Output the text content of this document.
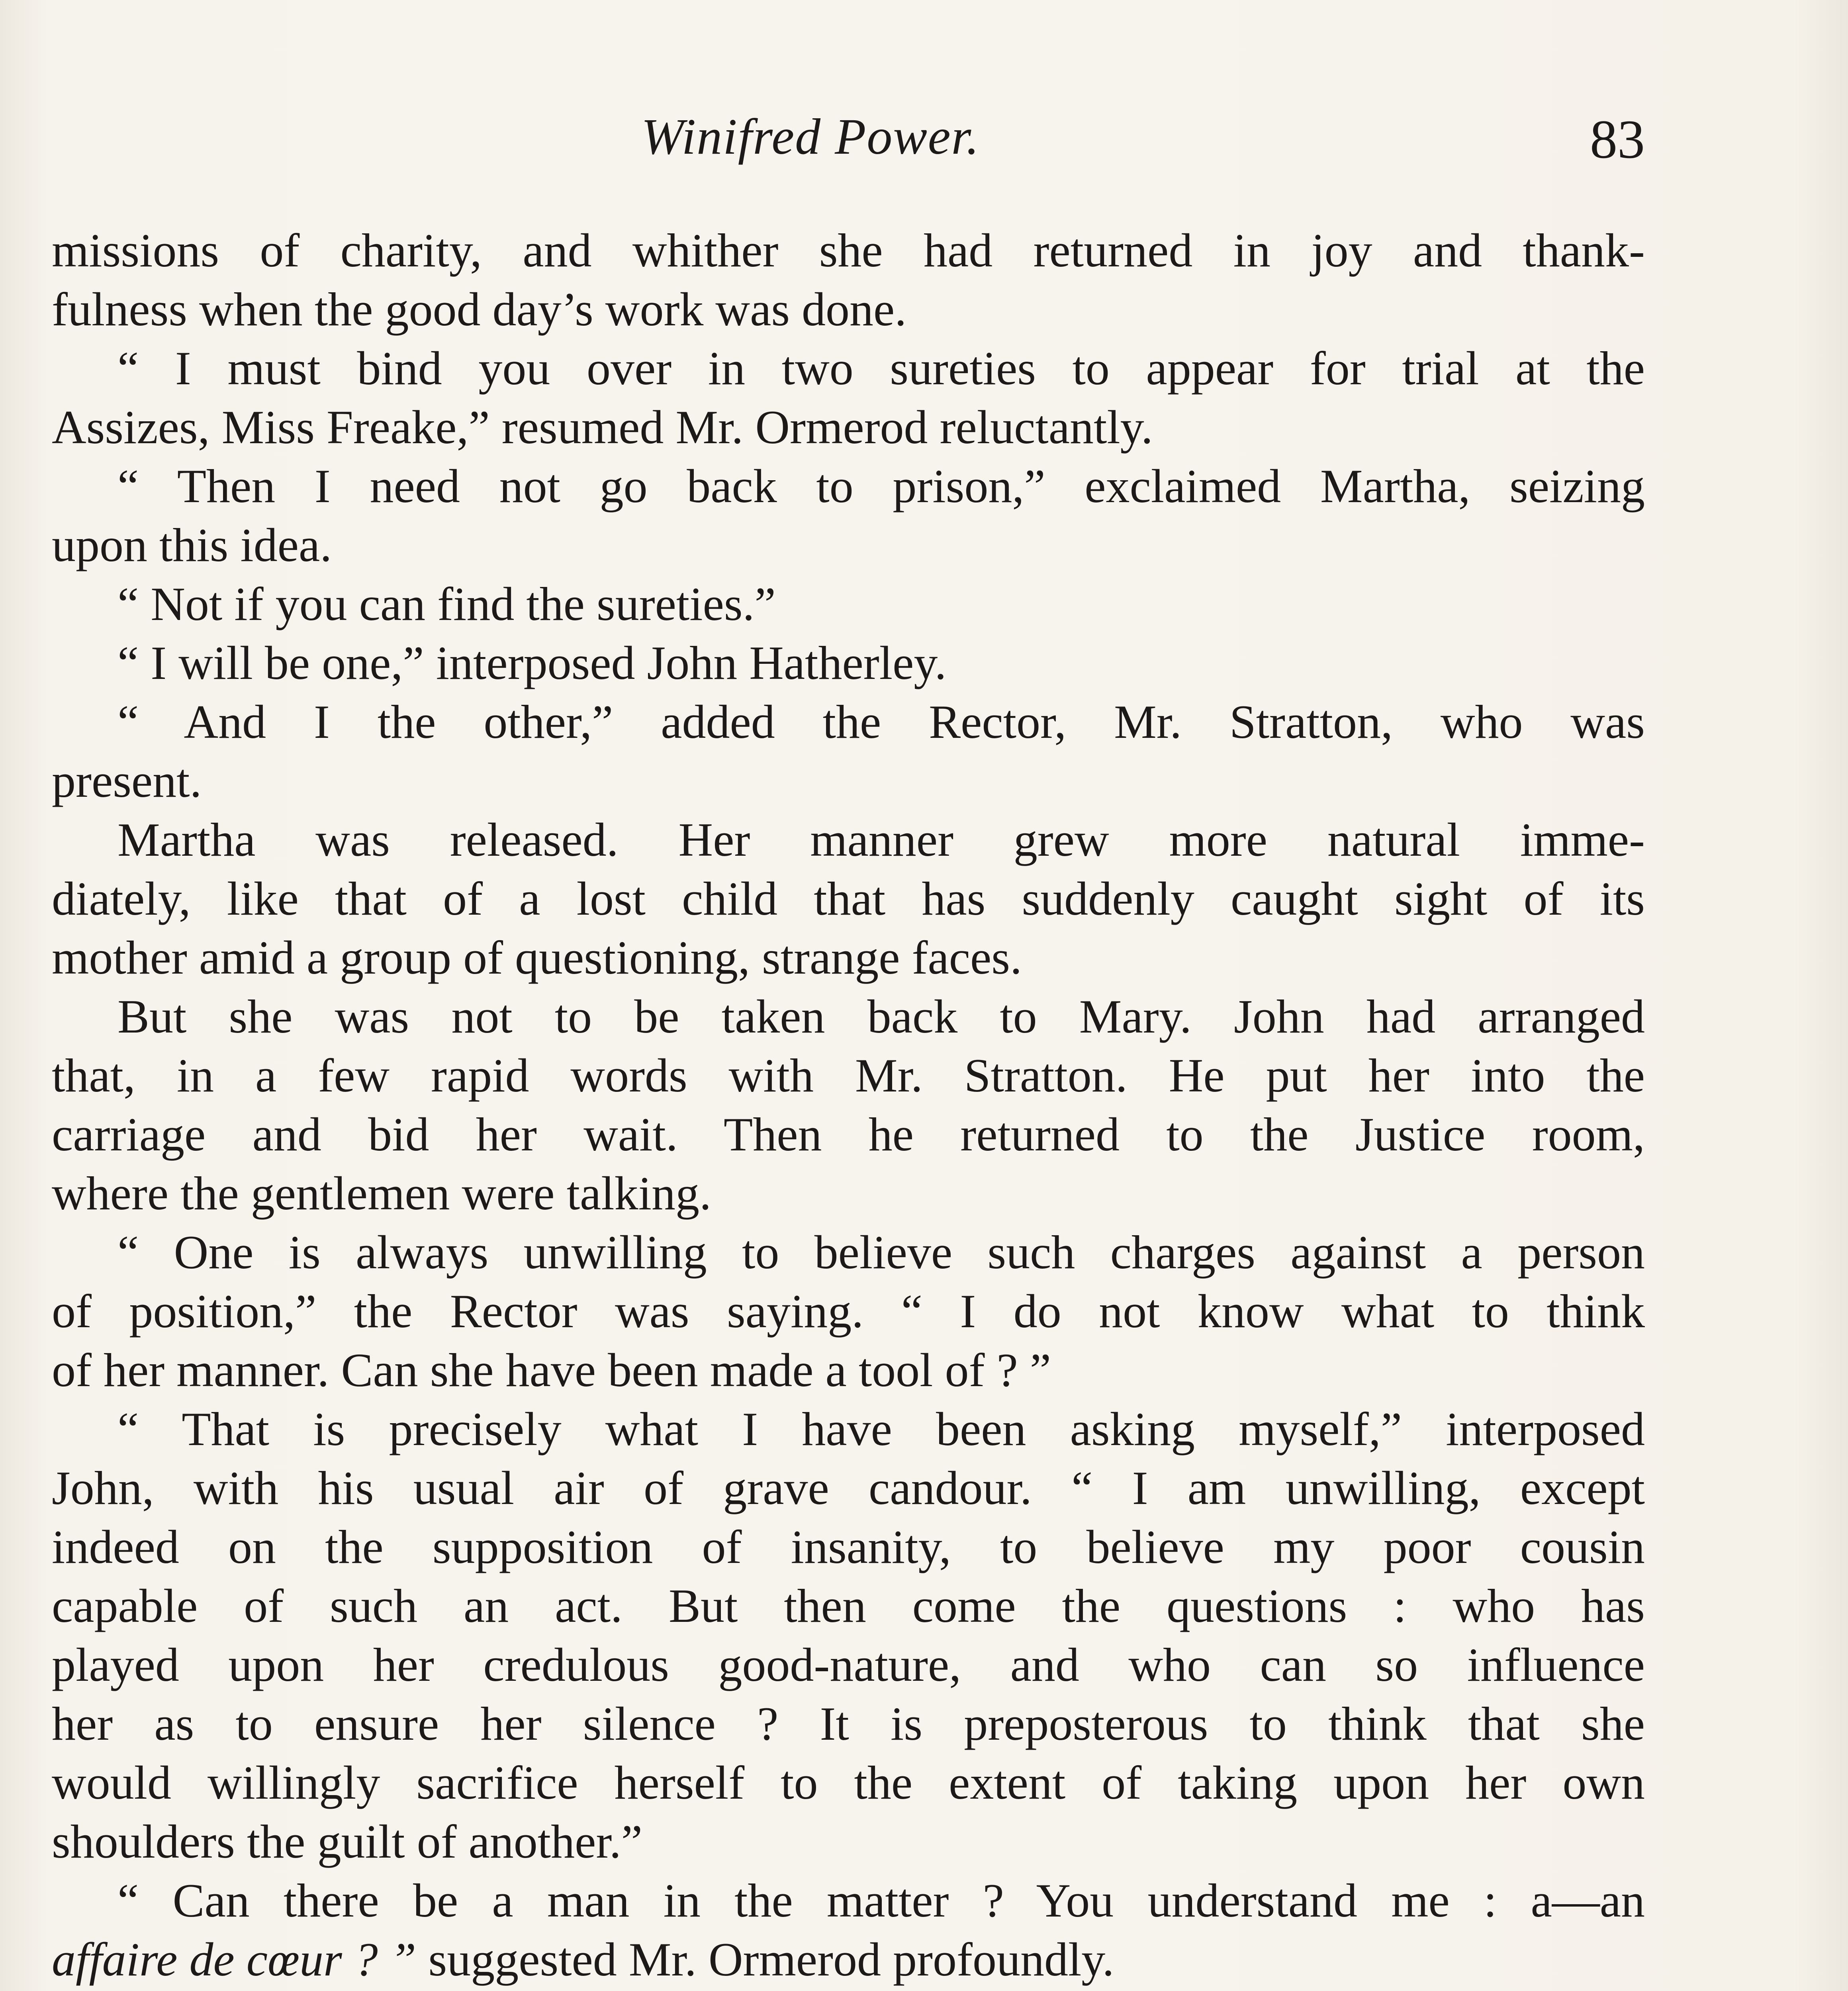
Winifred Power.	83
missions of charity, and whither she had returned in joy and thank-
fulness when the good day’s work was done.
“ I must bind you over in two sureties to appear for trial at the
Assizes, Miss Freake,” resumed Mr. Ormerod reluctantly.
“ Then I need not go back to prison,” exclaimed Martha, seizing
upon this idea.
“ Not if you can find the sureties.”
“ I will be one,” interposed John Hatherley.
“ And I the other,” added the Rector, Mr. Stratton, who was
present.
Martha was released. Her manner grew more natural imme-
diately, like that of a lost child that has suddenly caught sight of its
mother amid a group of questioning, strange faces.
But she was not to be taken back to Mary. John had arranged
that, in a few rapid words with Mr. Stratton. He put her into the
carriage and bid her wait. Then he returned to the Justice room,
where the gentlemen were talking.
“ One is always unwilling to believe such charges against a person
of position,” the Rector was saying. “ I do not know what to think
of her manner. Can she have been made a tool of ? ”
“ That is precisely what I have been asking myself,” interposed
John, with his usual air of grave candour. “ I am unwilling, except
indeed on the supposition of insanity, to believe my poor cousin
capable of such an act. But then come the questions : who has
played upon her credulous good-nature, and who can so influence
her as to ensure her silence ? It is preposterous to think that she
would willingly sacrifice herself to the extent of taking upon her own
shoulders the guilt of another.”
“ Can there be a man in the matter ? You understand me : a—an
affaire de cœur ? ” suggested Mr. Ormerod profoundly.
